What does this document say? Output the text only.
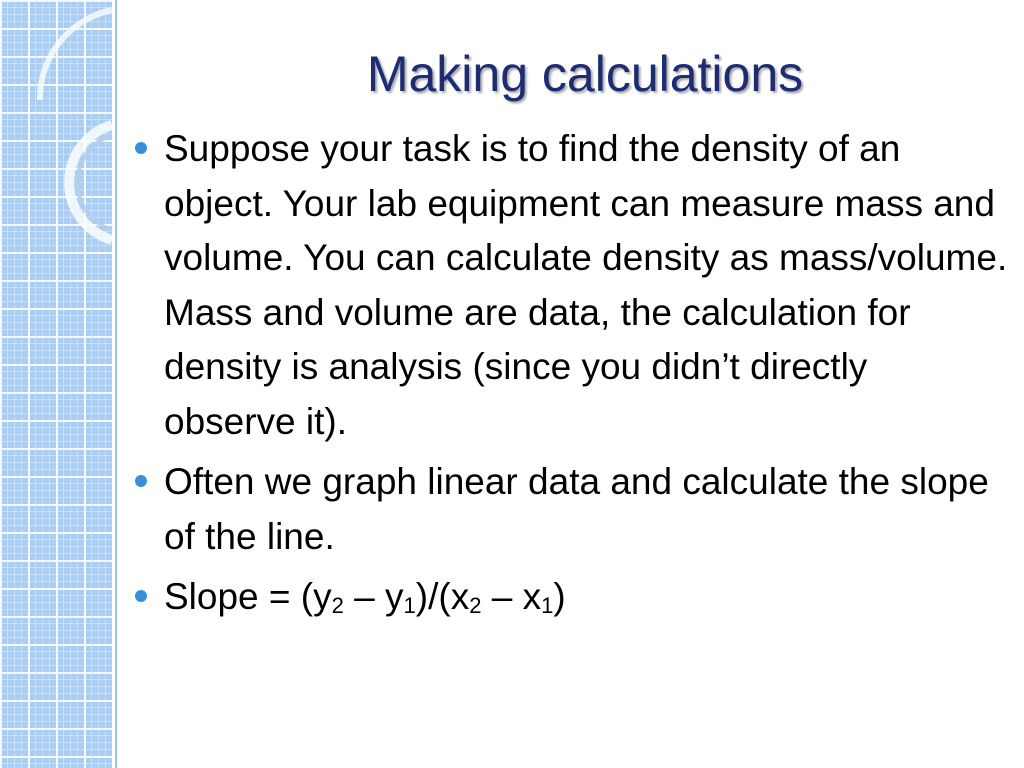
Making calculations
Suppose your task is to find the density of an object. Your lab equipment can measure mass and volume. You can calculate density as mass/volume. Mass and volume are data, the calculation for density is analysis (since you didn’t directly observe it).
Often we graph linear data and calculate the slope of the line.
Slope = $(y_2 - y_1)/(x_2 - x_1)$
